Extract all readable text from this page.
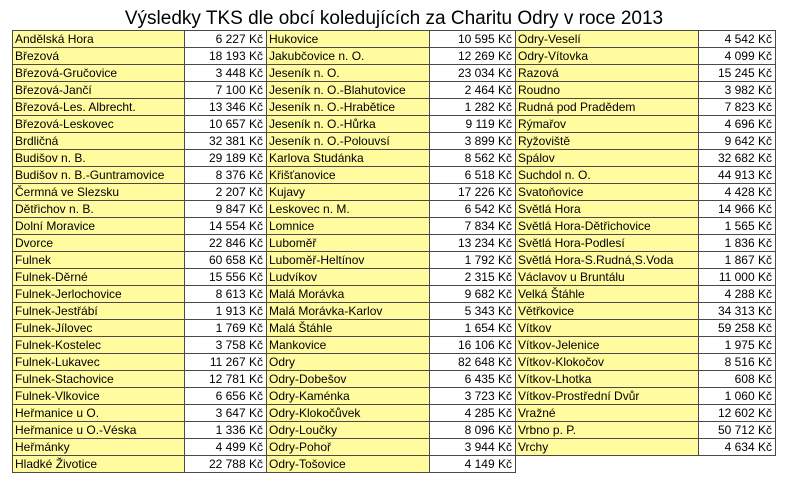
Výsledky TKS dle obcí koledujících za Charitu Odry v roce 2013
Andělská Hora	6 227 Kč Hukovice	10 595 Kč Odry-Veselí	4 542 Kč
Březová	18 193 Kč Jakubčovice n. O.	12 269 Kč Odry-Vítovka	4 099 Kč
Březová-Gručovice	3 448 Kč Jeseník n. O.	23 034 Kč Razová	15 245 Kč
Březová-Jančí	7 100 Kč Jeseník n. O.-Blahutovice	2 464 Kč Roudno	3 982 Kč
Březová-Les. Albrecht.	13 346 Kč Jeseník n. O.-Hrabětice	1 282 Kč Rudná pod Pradědem	7 823 Kč
Březová-Leskovec	10 657 Kč Jeseník n. O.-Hůrka	9 119 Kč Rýmařov	4 696 Kč
Brdličná	32 381 Kč Jeseník n. O.-Polouvsí	3 899 Kč Ryžoviště	9 642 Kč
Budišov n. B.	29 189 Kč Karlova Studánka	8 562 Kč Spálov	32 682 Kč
Budišov n. B.-Guntramovice	8 376 Kč Křišťanovice	6 518 Kč Suchdol n. O.	44 913 Kč
Čermná ve Slezsku	2 207 Kč Kujavy	17 226 Kč Svatoňovice	4 428 Kč
Dětřichov n. B.	9 847 Kč Leskovec n. M.	6 542 Kč Světlá Hora	14 966 Kč
Dolní Moravice	14 554 Kč Lomnice	7 834 Kč Světlá Hora-Dětřichovice	1 565 Kč
Dvorce	22 846 Kč Luboměř	13 234 Kč Světlá Hora-Podlesí	1 836 Kč
Fulnek	60 658 Kč Luboměř-Heltínov	1 792 Kč Světlá Hora-S.Rudná,S.Voda	1 867 Kč
Fulnek-Děrné	15 556 Kč Ludvíkov	2 315 Kč Václavov u Bruntálu	11 000 Kč
Fulnek-Jerlochovice	8 613 Kč Malá Morávka	9 682 Kč Velká Štáhle	4 288 Kč
Fulnek-Jestřábí	1 913 Kč Malá Morávka-Karlov	5 343 Kč Větřkovice	34 313 Kč
Fulnek-Jílovec	1 769 Kč Malá Štáhle	1 654 Kč Vítkov	59 258 Kč
Fulnek-Kostelec	3 758 Kč Mankovice	16 106 Kč Vítkov-Jelenice	1 975 Kč
Fulnek-Lukavec	11 267 Kč Odry	82 648 Kč Vítkov-Klokočov	8 516 Kč
Fulnek-Stachovice	12 781 Kč Odry-Dobešov	6 435 Kč Vítkov-Lhotka	608 Kč
Fulnek-Vlkovice	6 656 Kč Odry-Kaménka	3 723 Kč Vítkov-Prostřední Dvůr	1 060 Kč
Heřmanice u O.	3 647 Kč Odry-Klokočůvek	4 285 Kč Vražné	12 602 Kč
Heřmanice u O.-Véska	1 336 Kč Odry-Loučky	8 096 Kč Vrbno p. P.	50 712 Kč
Heřmánky	4 499 Kč Odry-Pohoř	3 944 Kč Vrchy	4 634 Kč
Hladké Životice	22 788 Kč Odry-Tošovice	4 149 Kč
